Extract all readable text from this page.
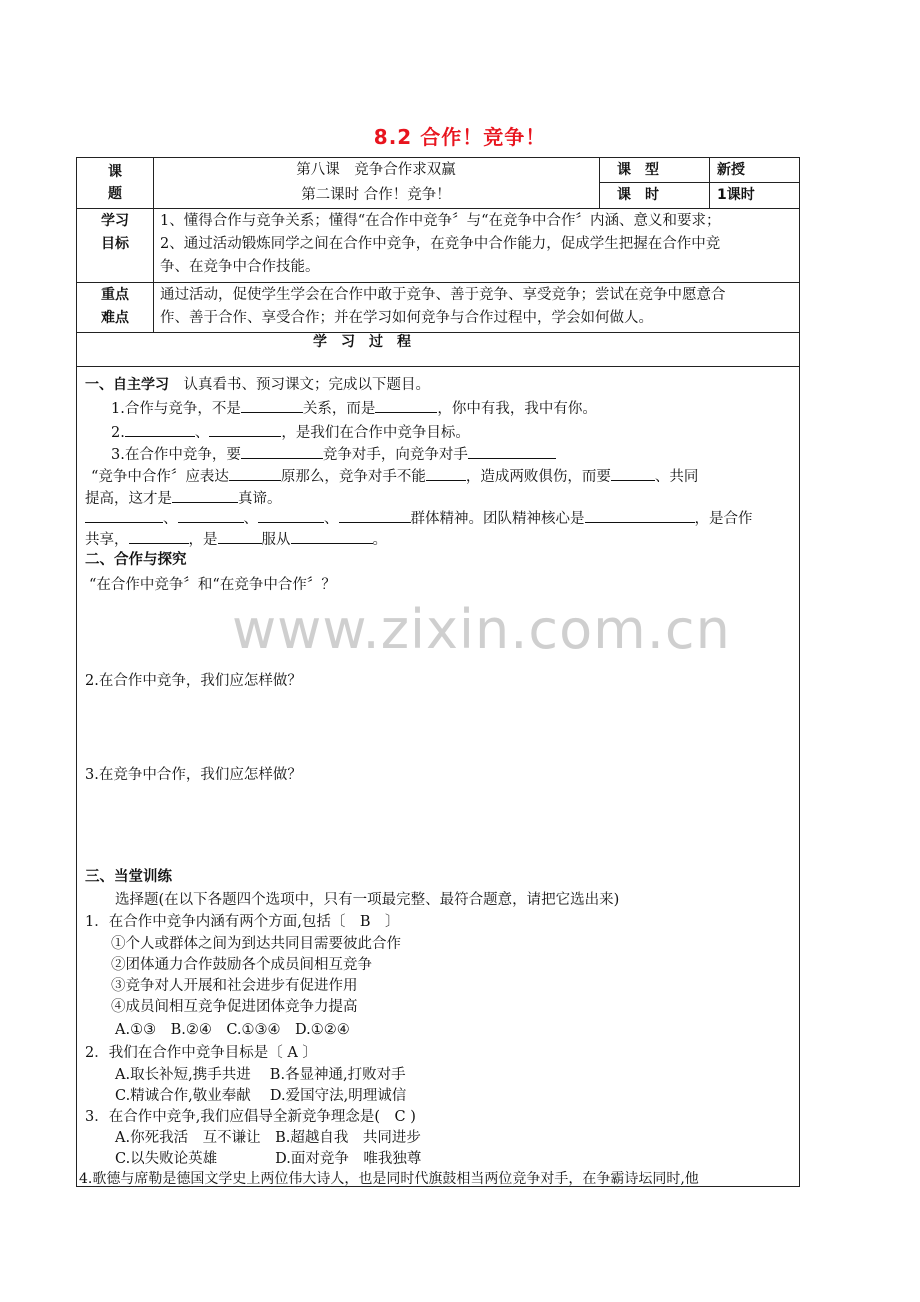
8.2 合作！竞争！
www.zixin.com.cn
课
题
第八课　竞争合作求双赢
第二课时 合作！竞争！
课　型	新授
课　时	1课时
学习
目标
1、懂得合作与竞争关系；懂得“在合作中竞争〞与“在竞争中合作〞内涵、意义和要求；
2、通过活动锻炼同学之间在合作中竞争，在竞争中合作能力，促成学生把握在合作中竞
争、在竞争中合作技能。
重点
难点
通过活动，促使学生学会在合作中敢于竞争、善于竞争、享受竞争；尝试在竞争中愿意合
作、善于合作、享受合作；并在学习如何竞争与合作过程中，学会如何做人。
学　习　过　程
一、自主学习　认真看书、预习课文；完成以下题目。
1.合作与竞争，不是	关系，而是	，你中有我，我中有你。
2.	、	，是我们在合作中竞争目标。
3.在合作中竞争，要	竞争对手，向竞争对手
“竞争中合作〞应表达	原那么，竞争对手不能	，造成两败俱伤，而要	、共同
提高，这才是	真谛。
、	、	、	群体精神。团队精神核心是	，是合作
共享，	，是	服从	。
二、合作与探究
“在合作中竞争〞和“在竞争中合作〞？
2.在合作中竞争，我们应怎样做？
3.在竞争中合作，我们应怎样做？
三、当堂训练
选择题(在以下各题四个选项中，只有一项最完整、最符合题意，请把它选出来)
1．在合作中竞争内涵有两个方面,包括〔　B　〕
①个人或群体之间为到达共同目需要彼此合作
②团体通力合作鼓励各个成员间相互竞争
③竞争对人开展和社会进步有促进作用
④成员间相互竞争促进团体竞争力提高
A.①③　B.②④　C.①③④　D.①②④
2．我们在合作中竞争目标是〔 A 〕
A.取长补短,携手共进　 B.各显神通,打败对手
C.精诚合作,敬业奉献　 D.爱国守法,明理诚信
3．在合作中竞争,我们应倡导全新竞争理念是(　C )
A.你死我活　互不谦让　B.超越自我　共同进步
C.以失败论英雄　　　　D.面对竞争　唯我独尊
4.歌德与席勒是德国文学史上两位伟大诗人，也是同时代旗鼓相当两位竞争对手，在争霸诗坛同时,他
